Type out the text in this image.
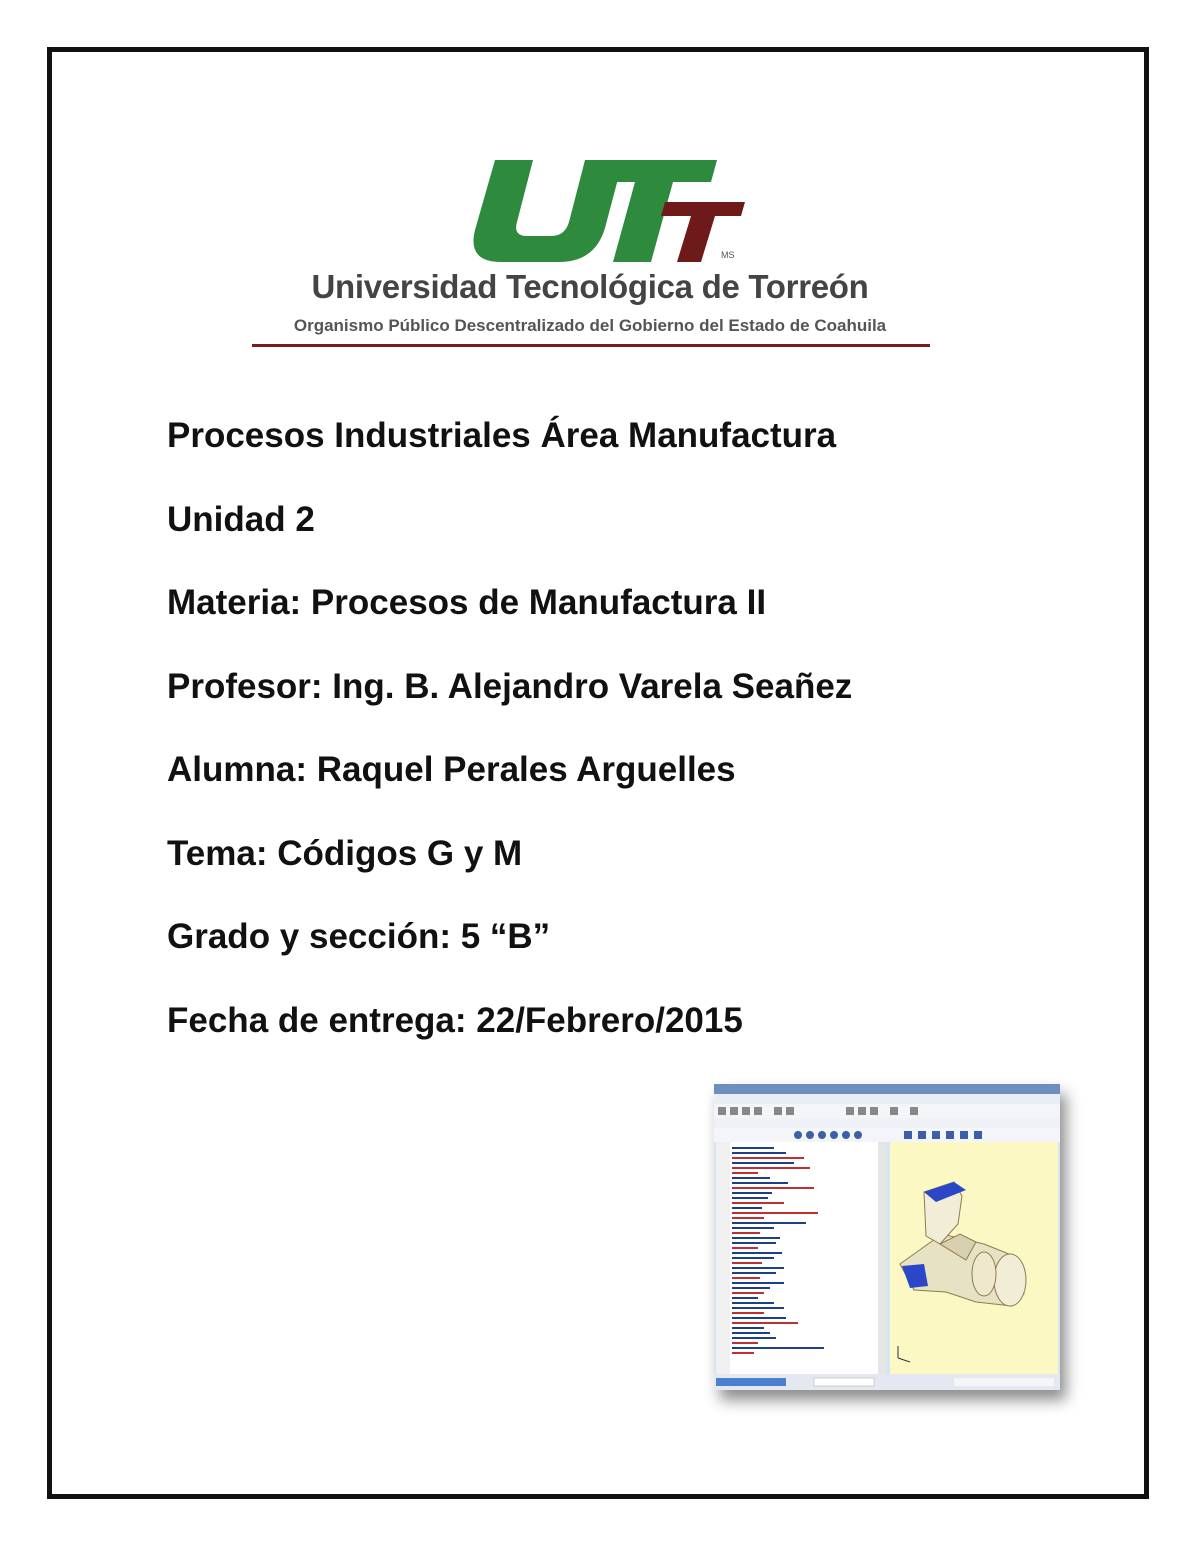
MS
Universidad Tecnológica de Torreón
Organismo Público Descentralizado del Gobierno del Estado de Coahuila
Procesos Industriales Área Manufactura
Unidad 2
Materia: Procesos de Manufactura II
Profesor: Ing. B. Alejandro Varela Seañez
Alumna: Raquel Perales Arguelles
Tema: Códigos G y M
Grado y sección: 5 “B”
Fecha de entrega: 22/Febrero/2015
